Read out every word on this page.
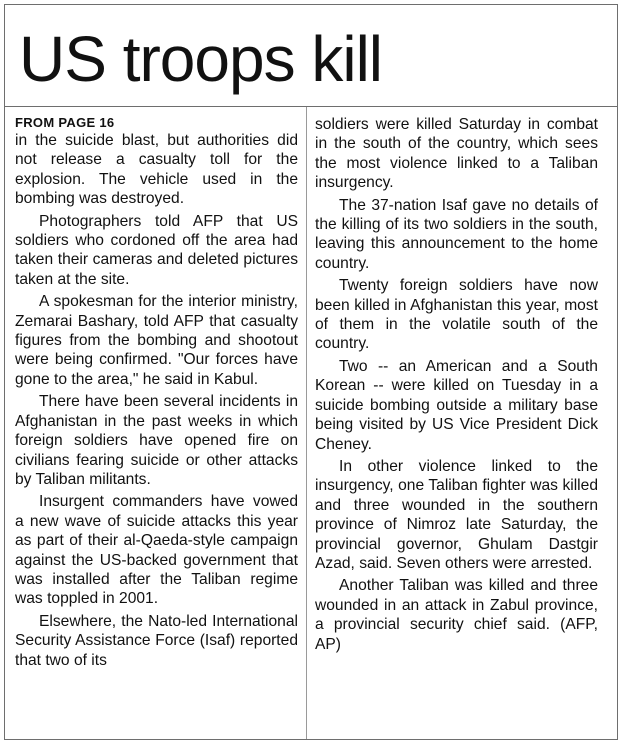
US troops kill
FROM PAGE 16

in the suicide blast, but authorities did not release a casualty toll for the explosion. The vehicle used in the bombing was destroyed.

Photographers told AFP that US soldiers who cordoned off the area had taken their cameras and deleted pictures taken at the site.

A spokesman for the interior ministry, Zemarai Bashary, told AFP that casualty figures from the bombing and shootout were being confirmed. "Our forces have gone to the area," he said in Kabul.

There have been several incidents in Afghanistan in the past weeks in which foreign soldiers have opened fire on civilians fearing suicide or other attacks by Taliban militants.

Insurgent commanders have vowed a new wave of suicide attacks this year as part of their al-Qaeda-style campaign against the US-backed government that was installed after the Taliban regime was toppled in 2001.

Elsewhere, the Nato-led International Security Assistance Force (Isaf) reported that two of its

soldiers were killed Saturday in combat in the south of the country, which sees the most violence linked to a Taliban insurgency.

The 37-nation Isaf gave no details of the killing of its two soldiers in the south, leaving this announcement to the home country.

Twenty foreign soldiers have now been killed in Afghanistan this year, most of them in the volatile south of the country.

Two -- an American and a South Korean -- were killed on Tuesday in a suicide bombing outside a military base being visited by US Vice President Dick Cheney.

In other violence linked to the insurgency, one Taliban fighter was killed and three wounded in the southern province of Nimroz late Saturday, the provincial governor, Ghulam Dastgir Azad, said. Seven others were arrested.

Another Taliban was killed and three wounded in an attack in Zabul province, a provincial security chief said. (AFP, AP)
